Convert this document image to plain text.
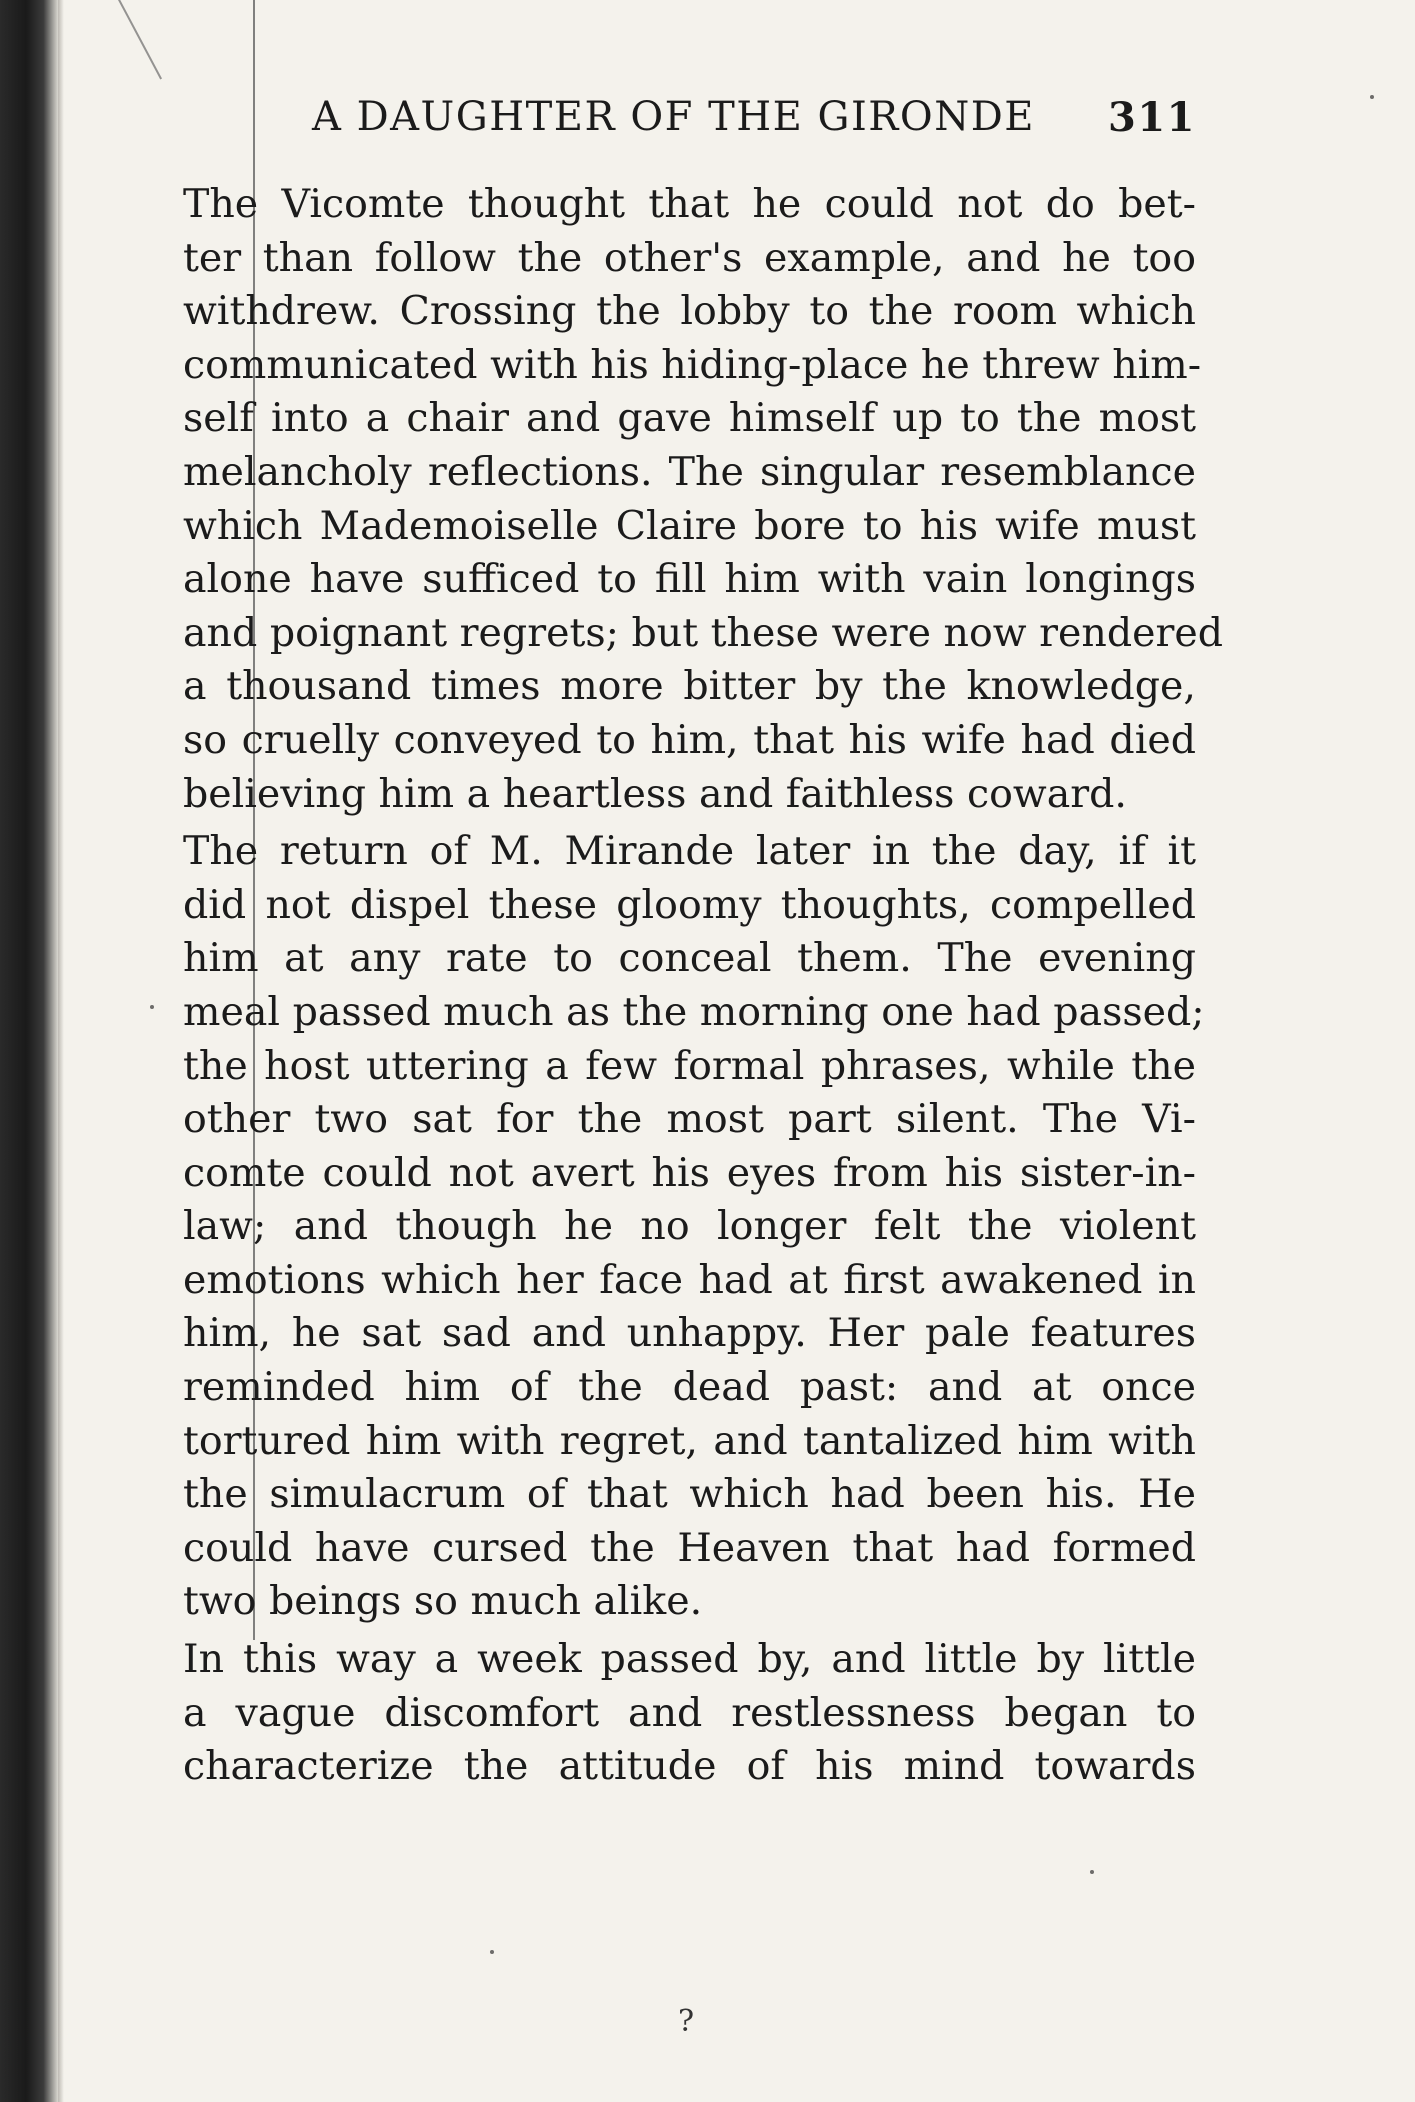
A DAUGHTER OF THE GIRONDE 311
The Vicomte thought that he could not do bet-
ter than follow the other's example, and he too
withdrew. Crossing the lobby to the room which
communicated with his hiding-place he threw him-
self into a chair and gave himself up to the most
melancholy reflections. The singular resemblance
which Mademoiselle Claire bore to his wife must
alone have sufficed to fill him with vain longings
and poignant regrets; but these were now rendered
a thousand times more bitter by the knowledge,
so cruelly conveyed to him, that his wife had died
believing him a heartless and faithless coward.
The return of M. Mirande later in the day, if it
did not dispel these gloomy thoughts, compelled
him at any rate to conceal them. The evening
meal passed much as the morning one had passed;
the host uttering a few formal phrases, while the
other two sat for the most part silent. The Vi-
comte could not avert his eyes from his sister-in-
law; and though he no longer felt the violent
emotions which her face had at first awakened in
him, he sat sad and unhappy. Her pale features
reminded him of the dead past: and at once
tortured him with regret, and tantalized him with
the simulacrum of that which had been his. He
could have cursed the Heaven that had formed
two beings so much alike.
In this way a week passed by, and little by little
a vague discomfort and restlessness began to
characterize the attitude of his mind towards
?
